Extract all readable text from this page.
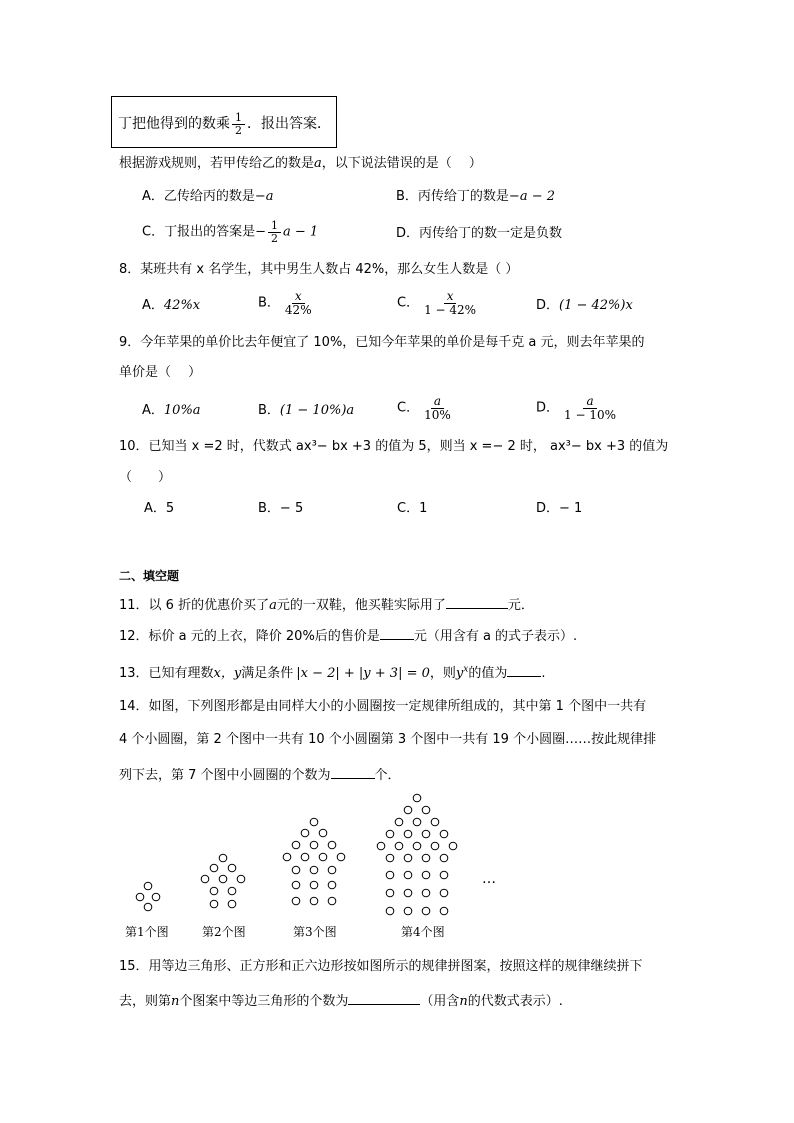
丁把他得到的数乘 $\frac{1}{2}$ ．报出答案．
根据游戏规则，若甲传给乙的数是a，以下说法错误的是（　 ）
A．乙传给丙的数是−a	B．丙传给丁的数是−a − 2
C．丁报出的答案是− $\frac{1}{2}$ a − 1	D．丙传给丁的数一定是负数
8．某班共有 x 名学生，其中男生人数占 42%，那么女生人数是（ ）
A．42%x	B． $\frac{x}{42\%}$	C． $\frac{x}{1 - 42\%}$	D．(1 − 42%)x
9．今年苹果的单价比去年便宜了 10%，已知今年苹果的单价是每千克 a 元，则去年苹果的
单价是（　 ）
A．10%a	B．(1 − 10%)a	C． $\frac{a}{10\%}$	D． $\frac{a}{1 - 10\%}$
10．已知当 x =2 时，代数式 ax³− bx +3 的值为 5，则当 x =− 2 时， ax³− bx +3 的值为
（　　）
A．5	B．− 5	C．1	D．− 1
二、填空题
11．以 6 折的优惠价买了a元的一双鞋，他买鞋实际用了	元．
12．标价 a 元的上衣，降价 20%后的售价是	元（用含有 a 的式子表示）.
13．已知有理数x，y满足条件 |x − 2| + |y + 3| = 0，则$y^x$的值为	.
14．如图，下列图形都是由同样大小的小圆圈按一定规律所组成的，其中第 1 个图中一共有
4 个小圆圈，第 2 个图中一共有 10 个小圆圈第 3 个图中一共有 19 个小圆圈……按此规律排
列下去，第 7 个图中小圆圈的个数为	个．
…
第1个图	第2个图	第3个图	第4个图
15．用等边三角形、正方形和正六边形按如图所示的规律拼图案，按照这样的规律继续拼下
去，则第n个图案中等边三角形的个数为	（用含n的代数式表示）.
